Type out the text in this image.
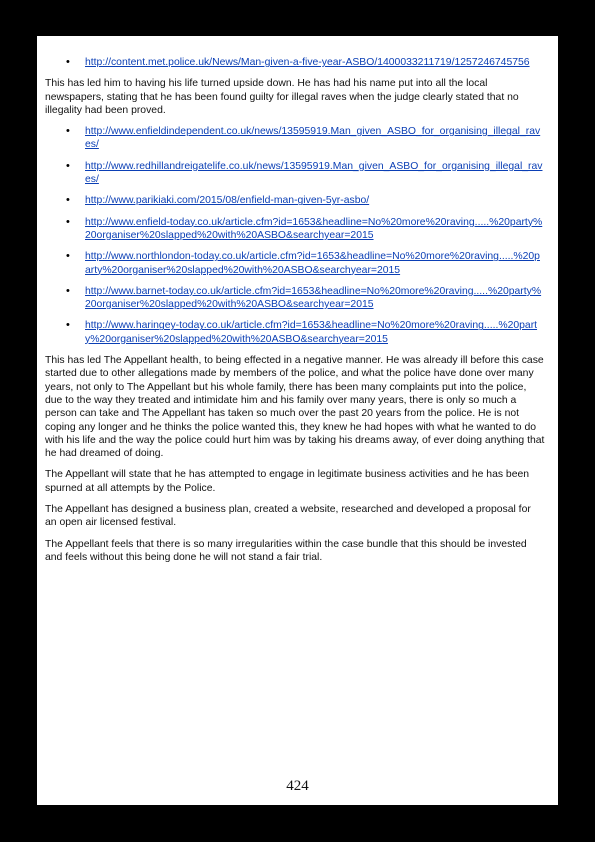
• http://content.met.police.uk/News/Man-given-a-five-year-ASBO/1400033211719/1257246745756

This has led him to having his life turned upside down. He has had his name put into all the local newspapers, stating that he has been found guilty for illegal raves when the judge clearly stated that no illegality had been proved.

• http://www.enfieldindependent.co.uk/news/13595919.Man_given_ASBO_for_organising_illegal_raves/
• http://www.redhillandreigatelife.co.uk/news/13595919.Man_given_ASBO_for_organising_illegal_raves/
• http://www.parikiaki.com/2015/08/enfield-man-given-5yr-asbo/
• http://www.enfield-today.co.uk/article.cfm?id=1653&headline=No%20more%20raving.....%20party%20organiser%20slapped%20with%20ASBO&searchyear=2015
• http://www.northlondon-today.co.uk/article.cfm?id=1653&headline=No%20more%20raving.....%20party%20organiser%20slapped%20with%20ASBO&searchyear=2015
• http://www.barnet-today.co.uk/article.cfm?id=1653&headline=No%20more%20raving.....%20party%20organiser%20slapped%20with%20ASBO&searchyear=2015
• http://www.haringey-today.co.uk/article.cfm?id=1653&headline=No%20more%20raving.....%20party%20organiser%20slapped%20with%20ASBO&searchyear=2015

This has led The Appellant health, to being effected in a negative manner. He was already ill before this case started due to other allegations made by members of the police, and what the police have done over many years, not only to The Appellant but his whole family, there has been many complaints put into the police, due to the way they treated and intimidate him and his family over many years, there is only so much a person can take and The Appellant has taken so much over the past 20 years from the police. He is not coping any longer and he thinks the police wanted this, they knew he had hopes with what he wanted to do with his life and the way the police could hurt him was by taking his dreams away, of ever doing anything that he had dreamed of doing.

The Appellant will state that he has attempted to engage in legitimate business activities and he has been spurned at all attempts by the Police.

The Appellant has designed a business plan, created a website, researched and developed a proposal for an open air licensed festival.

The Appellant feels that there is so many irregularities within the case bundle that this should be invested and feels without this being done he will not stand a fair trial.

424
